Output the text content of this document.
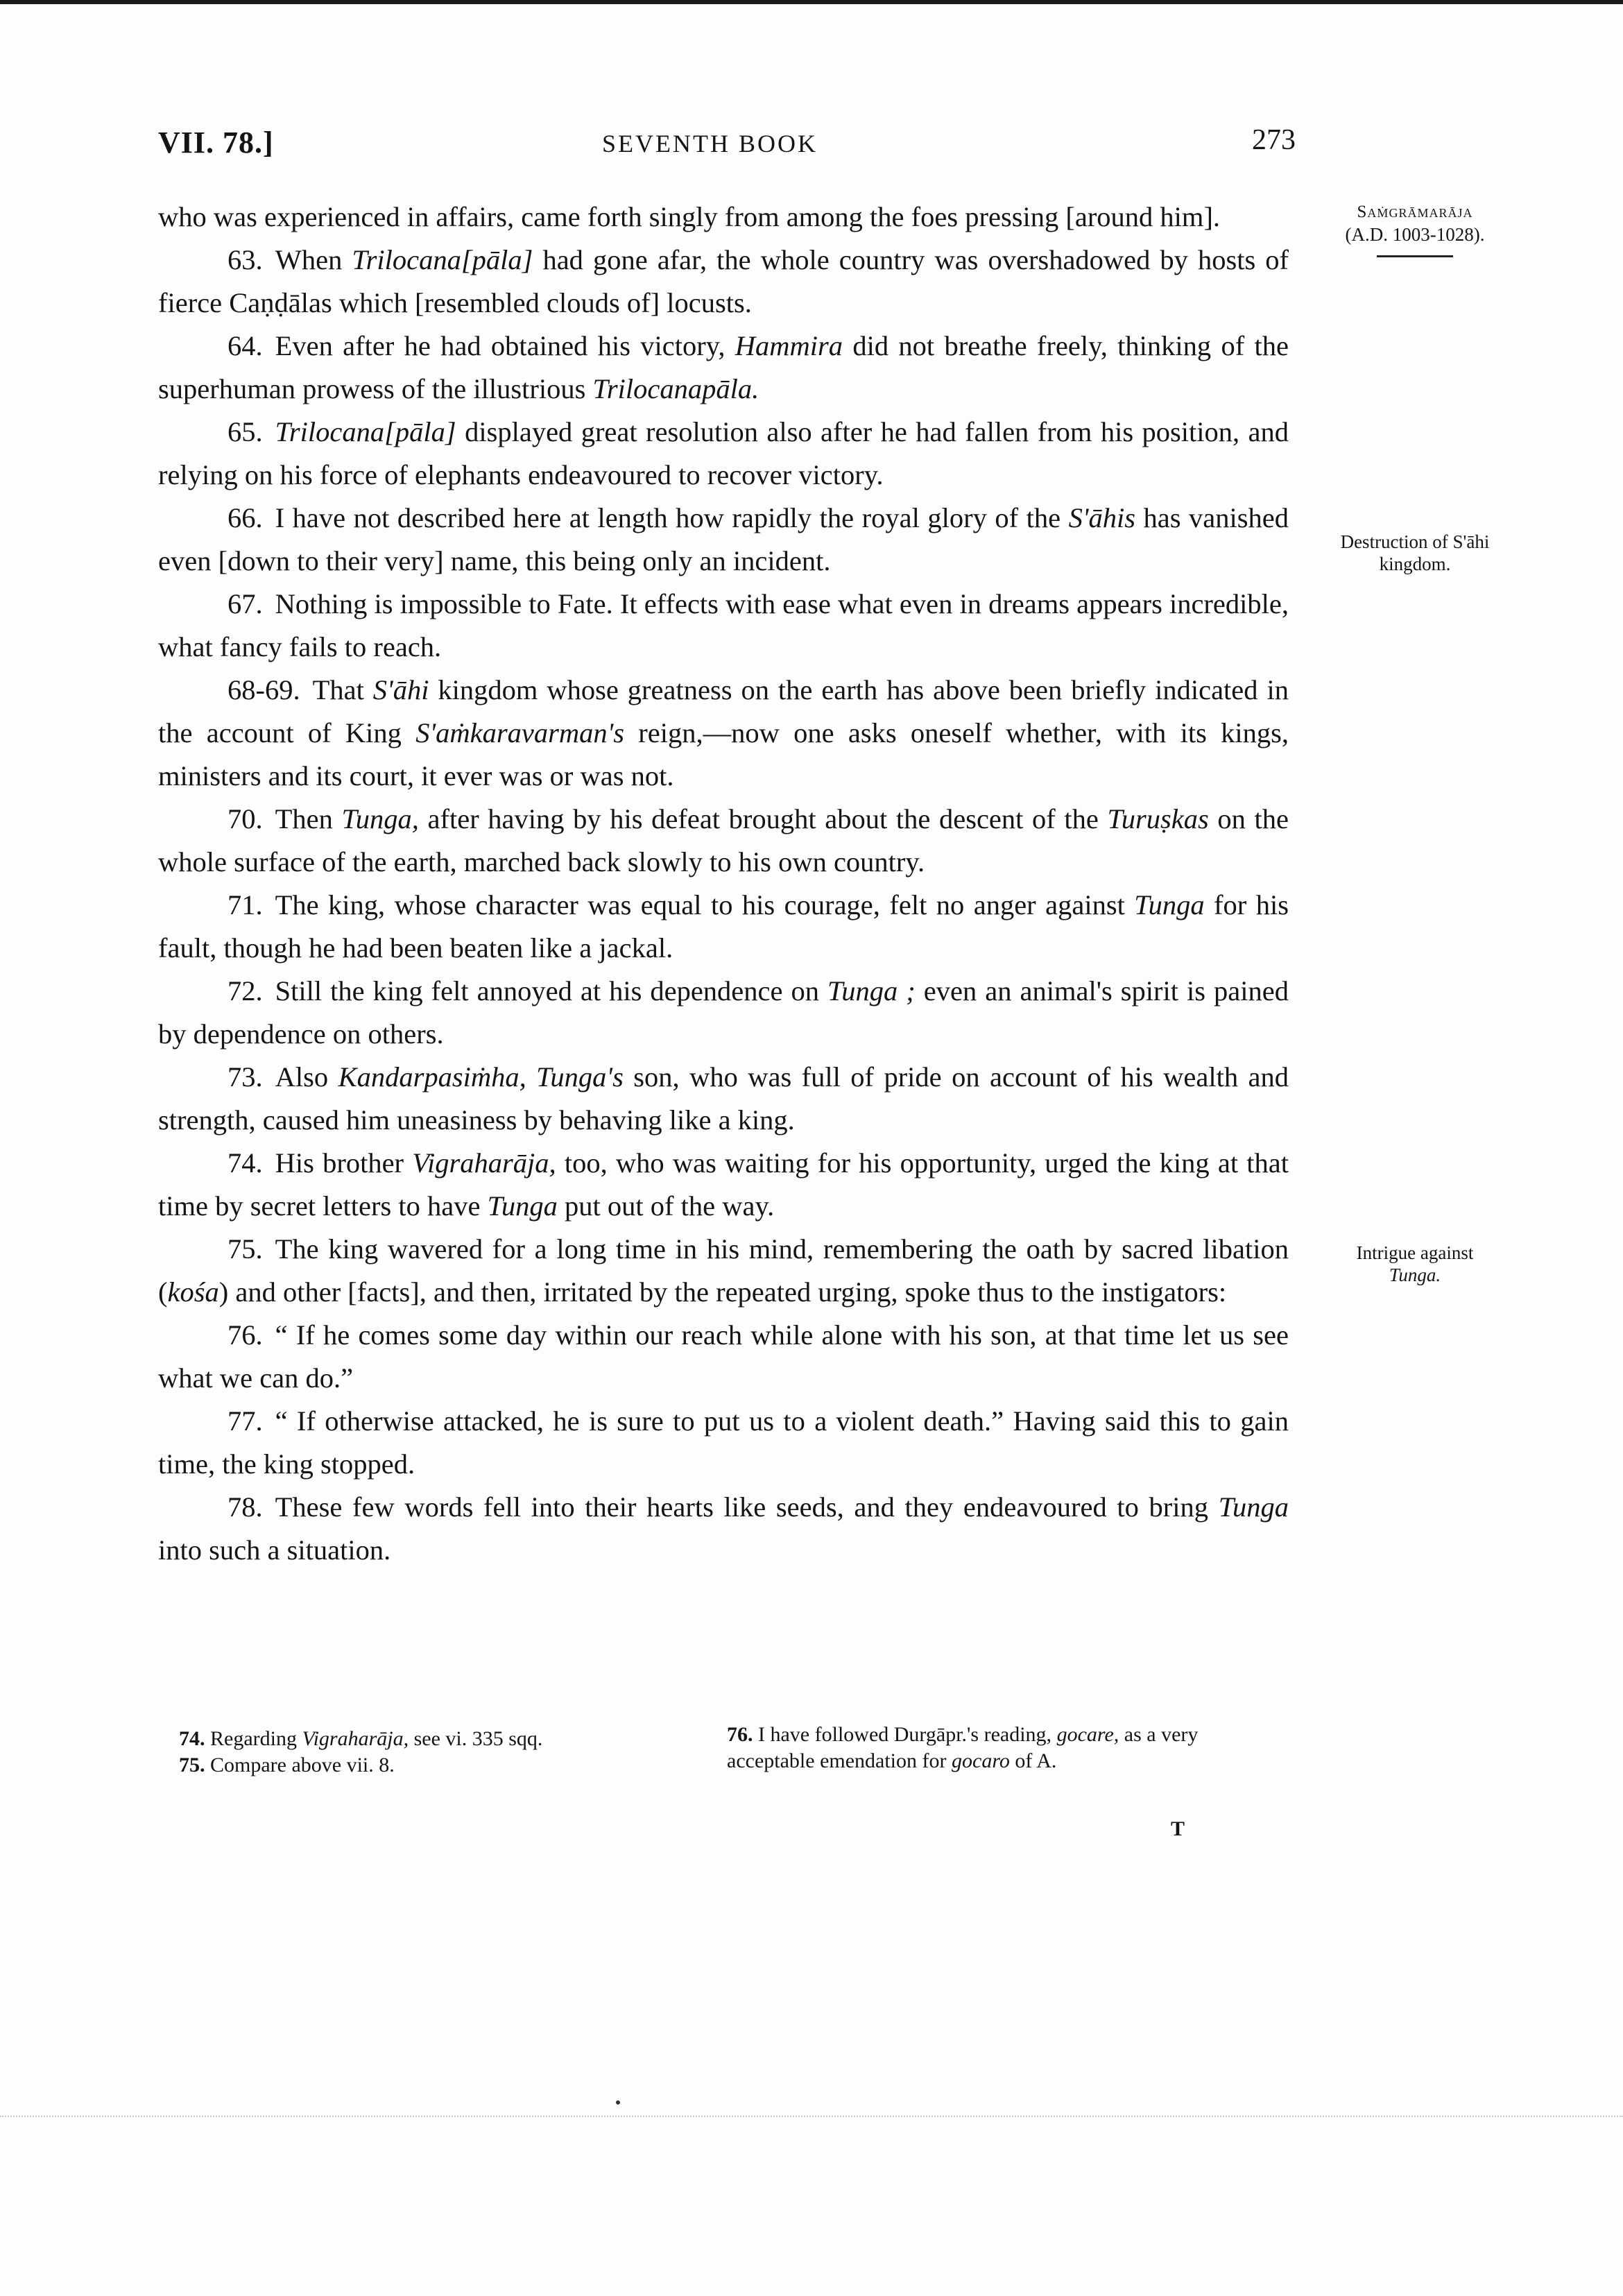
VII. 78.]	SEVENTH BOOK	273
Saṁgrāmarāja
(A.D. 1003-1028).
Destruction of S'āhi
kingdom.
Intrigue against
Tunga.

who was experienced in affairs, came forth singly from among the foes pressing [around him].

63. When Trilocana[pāla] had gone afar, the whole country was overshadowed by hosts of fierce Caṇḍālas which [resembled clouds of] locusts.

64. Even after he had obtained his victory, Hammira did not breathe freely, thinking of the superhuman prowess of the illustrious Trilocanapāla.

65. Trilocana[pāla] displayed great resolution also after he had fallen from his position, and relying on his force of elephants endeavoured to recover victory.

66. I have not described here at length how rapidly the royal glory of the S'āhis has vanished even [down to their very] name, this being only an incident.

67. Nothing is impossible to Fate. It effects with ease what even in dreams appears incredible, what fancy fails to reach.

68-69. That S'āhi kingdom whose greatness on the earth has above been briefly indicated in the account of King S'aṁkaravarman's reign,—now one asks oneself whether, with its kings, ministers and its court, it ever was or was not.

70. Then Tunga, after having by his defeat brought about the descent of the Turuṣkas on the whole surface of the earth, marched back slowly to his own country.

71. The king, whose character was equal to his courage, felt no anger against Tunga for his fault, though he had been beaten like a jackal.

72. Still the king felt annoyed at his dependence on Tunga ; even an animal's spirit is pained by dependence on others.

73. Also Kandarpasiṁha, Tunga's son, who was full of pride on account of his wealth and strength, caused him uneasiness by behaving like a king.

74. His brother Vigraharāja, too, who was waiting for his opportunity, urged the king at that time by secret letters to have Tunga put out of the way.

75. The king wavered for a long time in his mind, remembering the oath by sacred libation (kośa) and other [facts], and then, irritated by the repeated urging, spoke thus to the instigators:

76. “ If he comes some day within our reach while alone with his son, at that time let us see what we can do.”

77. “ If otherwise attacked, he is sure to put us to a violent death.” Having said this to gain time, the king stopped.

78. These few words fell into their hearts like seeds, and they endeavoured to bring Tunga into such a situation.

74. Regarding Vigraharāja, see vi. 335 sqq.

75. Compare above vii. 8.

76. I have followed Durgāpr.'s reading, gocare, as a very acceptable emendation for gocaro of A.

T
